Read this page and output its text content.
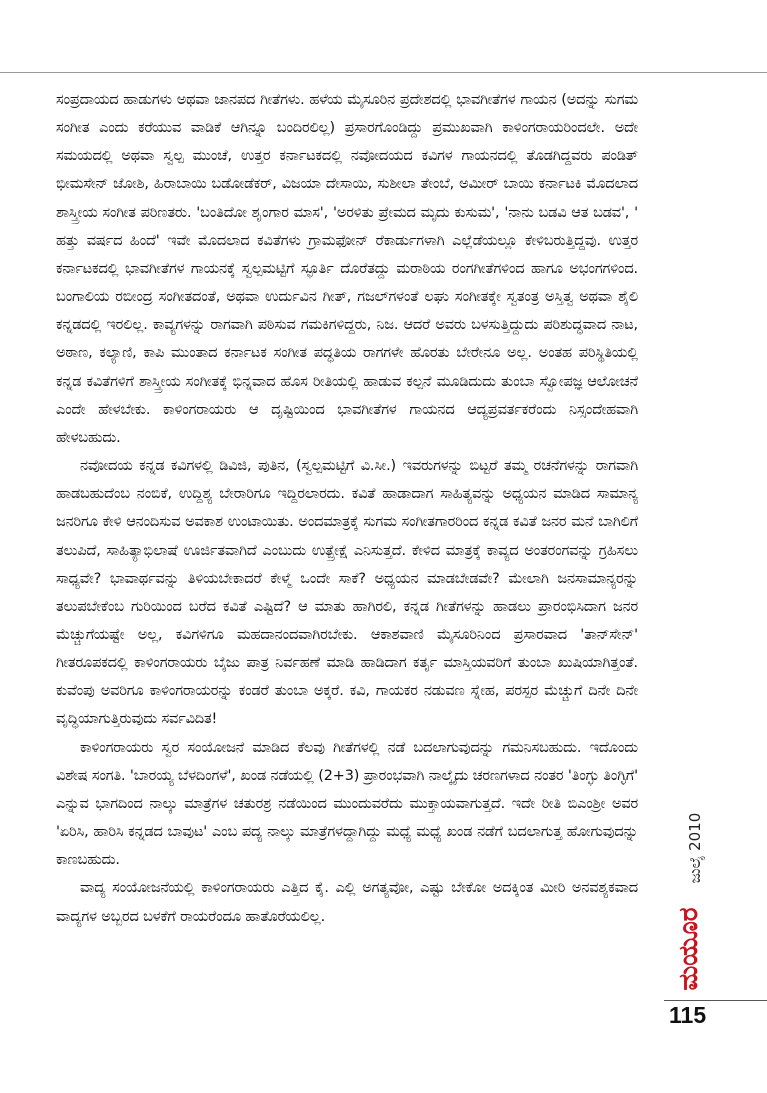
ಸಂಪ್ರದಾಯದ ಹಾಡುಗಳು ಅಥವಾ ಜಾನಪದ ಗೀತೆಗಳು. ಹಳೆಯ ಮೈಸೂರಿನ ಪ್ರದೇಶದಲ್ಲಿ ಭಾವಗೀತೆಗಳ ಗಾಯನ (ಅದನ್ನು ಸುಗಮ ಸಂಗೀತ ಎಂದು ಕರೆಯುವ ವಾಡಿಕೆ ಆಗಿನ್ನೂ ಬಂದಿರಲಿಲ್ಲ) ಪ್ರಸಾರಗೊಂಡಿದ್ದು ಪ್ರಮುಖವಾಗಿ ಕಾಳಿಂಗರಾಯರಿಂದಲೇ. ಅದೇ ಸಮಯದಲ್ಲಿ ಅಥವಾ ಸ್ವಲ್ಪ ಮುಂಚೆ, ಉತ್ತರ ಕರ್ನಾಟಕದಲ್ಲಿ ನವೋದಯದ ಕವಿಗಳ ಗಾಯನದಲ್ಲಿ ತೊಡಗಿದ್ದವರು ಪಂಡಿತ್ ಭೀಮಸೇನ್ ಜೋಶಿ, ಹಿರಾಬಾಯಿ ಬಡೋಡೆಕರ್, ವಿಜಯಾ ದೇಸಾಯಿ, ಸುಶೀಲಾ ತೇಂಬೆ, ಅಮೀರ್ ಬಾಯಿ ಕರ್ನಾಟಕಿ ಮೊದಲಾದ ಶಾಸ್ತ್ರೀಯ ಸಂಗೀತ ಪರಿಣತರು. 'ಬಂತಿದೋ ಶೃಂಗಾರ ಮಾಸ', 'ಅರಳಿತು ಪ್ರೇಮದ ಮೃದು ಕುಸುಮ', 'ನಾನು ಬಡವಿ ಆತ ಬಡವ', ' ಹತ್ತು ವರ್ಷದ ಹಿಂದೆ' ಇವೇ ಮೊದಲಾದ ಕವಿತೆಗಳು ಗ್ರಾಮಫೋನ್ ರೆಕಾರ್ಡುಗಳಾಗಿ ಎಲ್ಲೆಡೆಯಲ್ಲೂ ಕೇಳಿಬರುತ್ತಿದ್ದವು. ಉತ್ತರ ಕರ್ನಾಟಕದಲ್ಲಿ ಭಾವಗೀತೆಗಳ ಗಾಯನಕ್ಕೆ ಸ್ವಲ್ಪಮಟ್ಟಿಗೆ ಸ್ಫೂರ್ತಿ ದೊರೆತದ್ದು ಮರಾಠಿಯ ರಂಗಗೀತೆಗಳಿಂದ ಹಾಗೂ ಅಭಂಗಗಳಿಂದ. ಬಂಗಾಲಿಯ ರಬೀಂದ್ರ ಸಂಗೀತದಂತೆ, ಅಥವಾ ಉರ್ದುವಿನ ಗೀತ್, ಗಜಲ್‌ಗಳಂತೆ ಲಘು ಸಂಗೀತಕ್ಕೇ ಸ್ವತಂತ್ರ ಅಸ್ತಿತ್ವ ಅಥವಾ ಶೈಲಿ ಕನ್ನಡದಲ್ಲಿ ಇರಲಿಲ್ಲ. ಕಾವ್ಯಗಳನ್ನು ರಾಗವಾಗಿ ಪಠಿಸುವ ಗಮಕಿಗಳಿದ್ದರು, ನಿಜ. ಆದರೆ ಅವರು ಬಳಸುತ್ತಿದ್ದುದು ಪರಿಶುದ್ಧವಾದ ನಾಟ, ಅಠಾಣ, ಕಲ್ಯಾಣಿ, ಕಾಪಿ ಮುಂತಾದ ಕರ್ನಾಟಕ ಸಂಗೀತ ಪದ್ಧತಿಯ ರಾಗಗಳೇ ಹೊರತು ಬೇರೇನೂ ಅಲ್ಲ. ಅಂತಹ ಪರಿಸ್ಥಿತಿಯಲ್ಲಿ ಕನ್ನಡ ಕವಿತೆಗಳಿಗೆ ಶಾಸ್ತ್ರೀಯ ಸಂಗೀತಕ್ಕೆ ಭಿನ್ನವಾದ ಹೊಸ ರೀತಿಯಲ್ಲಿ ಹಾಡುವ ಕಲ್ಪನೆ ಮೂಡಿದುದು ತುಂಬಾ ಸ್ವೋಪಜ್ಞ ಆಲೋಚನೆ ಎಂದೇ ಹೇಳಬೇಕು. ಕಾಳಿಂಗರಾಯರು ಆ ದೃಷ್ಟಿಯಿಂದ ಭಾವಗೀತೆಗಳ ಗಾಯನದ ಆದ್ಯಪ್ರವರ್ತಕರೆಂದು ನಿಸ್ಸಂದೇಹವಾಗಿ ಹೇಳಬಹುದು.

ನವೋದಯ ಕನ್ನಡ ಕವಿಗಳಲ್ಲಿ ಡಿವಿಜಿ, ಪುತಿನ, (ಸ್ವಲ್ಪಮಟ್ಟಿಗೆ ವಿ.ಸೀ.) ಇವರುಗಳನ್ನು ಬಿಟ್ಟರೆ ತಮ್ಮ ರಚನೆಗಳನ್ನು ರಾಗವಾಗಿ ಹಾಡಬಹುದೆಂಬ ನಂಬಿಕೆ, ಉದ್ದಿಶ್ಯ ಬೇರಾರಿಗೂ ಇದ್ದಿರಲಾರದು. ಕವಿತೆ ಹಾಡಾದಾಗ ಸಾಹಿತ್ಯವನ್ನು ಅಧ್ಯಯನ ಮಾಡಿದ ಸಾಮಾನ್ಯ ಜನರಿಗೂ ಕೇಳಿ ಆನಂದಿಸುವ ಅವಕಾಶ ಉಂಟಾಯಿತು. ಅಂದಮಾತ್ರಕ್ಕೆ ಸುಗಮ ಸಂಗೀತಗಾರರಿಂದ ಕನ್ನಡ ಕವಿತೆ ಜನರ ಮನೆ ಬಾಗಿಲಿಗೆ ತಲುಪಿದೆ, ಸಾಹಿತ್ಯಾಭಿಲಾಷೆ ಊರ್ಜಿತವಾಗಿದೆ ಎಂಬುದು ಉತ್ಪ್ರೇಕ್ಷೆ ಎನಿಸುತ್ತದೆ. ಕೇಳಿದ ಮಾತ್ರಕ್ಕೆ ಕಾವ್ಯದ ಅಂತರಂಗವನ್ನು ಗ್ರಹಿಸಲು ಸಾಧ್ಯವೇ? ಭಾವಾರ್ಥವನ್ನು ತಿಳಿಯಬೇಕಾದರೆ ಕೇಳ್ಮೆ ಒಂದೇ ಸಾಕೆ? ಅಧ್ಯಯನ ಮಾಡಬೇಡವೇ? ಮೇಲಾಗಿ ಜನಸಾಮಾನ್ಯರನ್ನು ತಲುಪಬೇಕೆಂಬ ಗುರಿಯಿಂದ ಬರೆದ ಕವಿತೆ ಎಷ್ಟಿದೆ? ಆ ಮಾತು ಹಾಗಿರಲಿ, ಕನ್ನಡ ಗೀತೆಗಳನ್ನು ಹಾಡಲು ಪ್ರಾರಂಭಿಸಿದಾಗ ಜನರ ಮೆಚ್ಚುಗೆಯಷ್ಟೇ ಅಲ್ಲ, ಕವಿಗಳಿಗೂ ಮಹದಾನಂದವಾಗಿರಬೇಕು. ಆಕಾಶವಾಣಿ ಮೈಸೂರಿನಿಂದ ಪ್ರಸಾರವಾದ 'ತಾನ್‌ಸೇನ್' ಗೀತರೂಪಕದಲ್ಲಿ ಕಾಳಿಂಗರಾಯರು ಬೈಜು ಪಾತ್ರ ನಿರ್ವಹಣೆ ಮಾಡಿ ಹಾಡಿದಾಗ ಕರ್ತೃ ಮಾಸ್ತಿಯವರಿಗೆ ತುಂಬಾ ಖುಷಿಯಾಗಿತ್ತಂತೆ. ಕುವೆಂಪು ಅವರಿಗೂ ಕಾಳಿಂಗರಾಯರನ್ನು ಕಂಡರೆ ತುಂಬಾ ಅಕ್ಕರೆ. ಕವಿ, ಗಾಯಕರ ನಡುವಣ ಸ್ನೇಹ, ಪರಸ್ಪರ ಮೆಚ್ಚುಗೆ ದಿನೇ ದಿನೇ ವೃದ್ಧಿಯಾಗುತ್ತಿರುವುದು ಸರ್ವವಿದಿತ!

ಕಾಳಿಂಗರಾಯರು ಸ್ವರ ಸಂಯೋಜನೆ ಮಾಡಿದ ಕೆಲವು ಗೀತೆಗಳಲ್ಲಿ ನಡೆ ಬದಲಾಗುವುದನ್ನು ಗಮನಿಸಬಹುದು. ಇದೊಂದು ವಿಶೇಷ ಸಂಗತಿ. 'ಬಾರಯ್ಯ ಬೆಳದಿಂಗಳೆ', ಖಂಡ ನಡೆಯಲ್ಲಿ (2+3) ಪ್ರಾರಂಭವಾಗಿ ನಾಲ್ಕೈದು ಚರಣಗಳಾದ ನಂತರ 'ತಿಂಗ್ಳು ತಿಂಗ್ಳಿಗೆ' ಎನ್ನುವ ಭಾಗದಿಂದ ನಾಲ್ಕು ಮಾತ್ರೆಗಳ ಚತುರಶ್ರ ನಡೆಯಿಂದ ಮುಂದುವರೆದು ಮುಕ್ತಾಯವಾಗುತ್ತದೆ. ಇದೇ ರೀತಿ ಬಿಎಂಶ್ರೀ ಅವರ 'ಏರಿಸಿ, ಹಾರಿಸಿ ಕನ್ನಡದ ಬಾವುಟ' ಎಂಬ ಪದ್ಯ ನಾಲ್ಕು ಮಾತ್ರೆಗಳದ್ದಾಗಿದ್ದು ಮಧ್ಯೆ ಮಧ್ಯೆ ಖಂಡ ನಡೆಗೆ ಬದಲಾಗುತ್ತ ಹೋಗುವುದನ್ನು ಕಾಣಬಹುದು.

ವಾದ್ಯ ಸಂಯೋಜನೆಯಲ್ಲಿ ಕಾಳಿಂಗರಾಯರು ಎತ್ತಿದ ಕೈ. ಎಲ್ಲಿ ಅಗತ್ಯವೋ, ಎಷ್ಟು ಬೇಕೋ ಅದಕ್ಕಿಂತ ಮೀರಿ ಅನವಶ್ಯಕವಾದ ವಾದ್ಯಗಳ ಅಬ್ಬರದ ಬಳಕೆಗೆ ರಾಯರೆಂದೂ ಹಾತೊರೆಯಲಿಲ್ಲ.

ಜುಲೈ 2010
ಮಯೂರ
115
